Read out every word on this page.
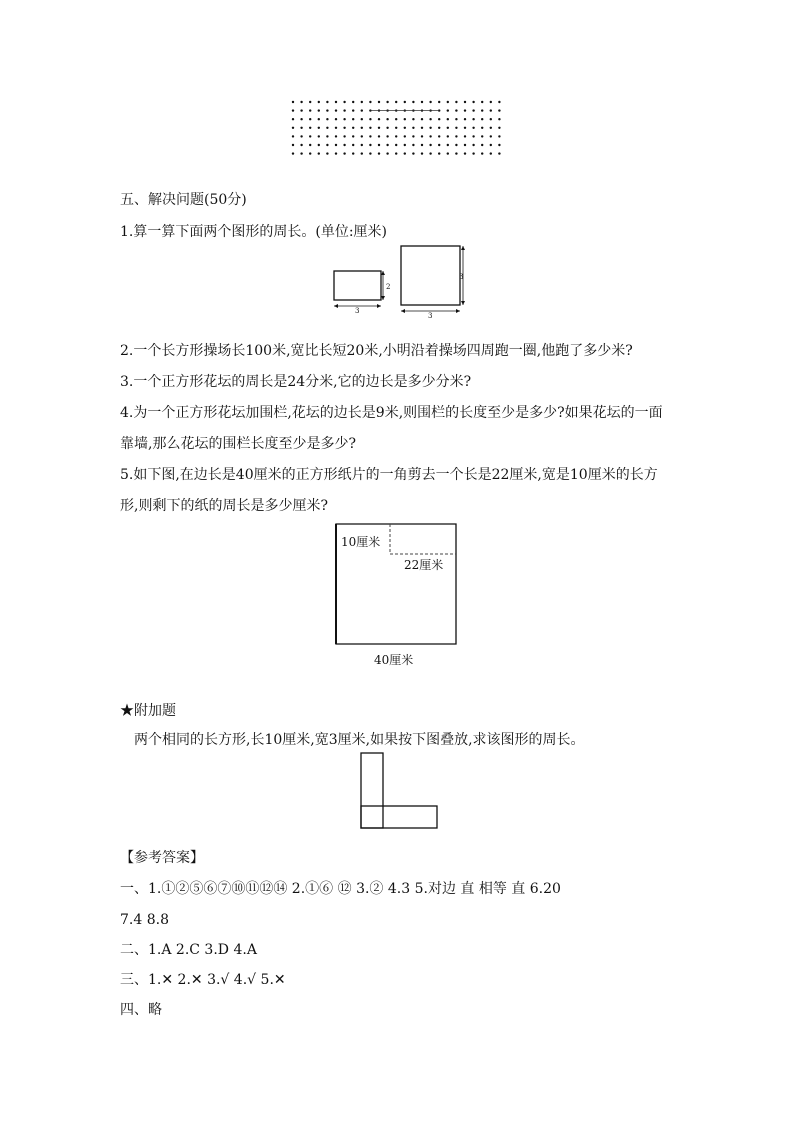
五、解决问题(50分)
1.算一算下面两个图形的周长。(单位:厘米)
2
3
3
3
2.一个长方形操场长100米,宽比长短20米,小明沿着操场四周跑一圈,他跑了多少米?
3.一个正方形花坛的周长是24分米,它的边长是多少分米?
4.为一个正方形花坛加围栏,花坛的边长是9米,则围栏的长度至少是多少?如果花坛的一面
靠墙,那么花坛的围栏长度至少是多少?
5.如下图,在边长是40厘米的正方形纸片的一角剪去一个长是22厘米,宽是10厘米的长方
形,则剩下的纸的周长是多少厘米?
10厘米
22厘米
40厘米
★附加题
两个相同的长方形,长10厘米,宽3厘米,如果按下图叠放,求该图形的周长。
【参考答案】
一、1.①②⑤⑥⑦⑩⑪⑫⑭ 2.①⑥ ⑫ 3.② 4.3 5.对边 直 相等 直 6.20
7.4 8.8
二、1.A 2.C 3.D 4.A
三、1.✕ 2.✕ 3.√ 4.√ 5.✕
四、略
